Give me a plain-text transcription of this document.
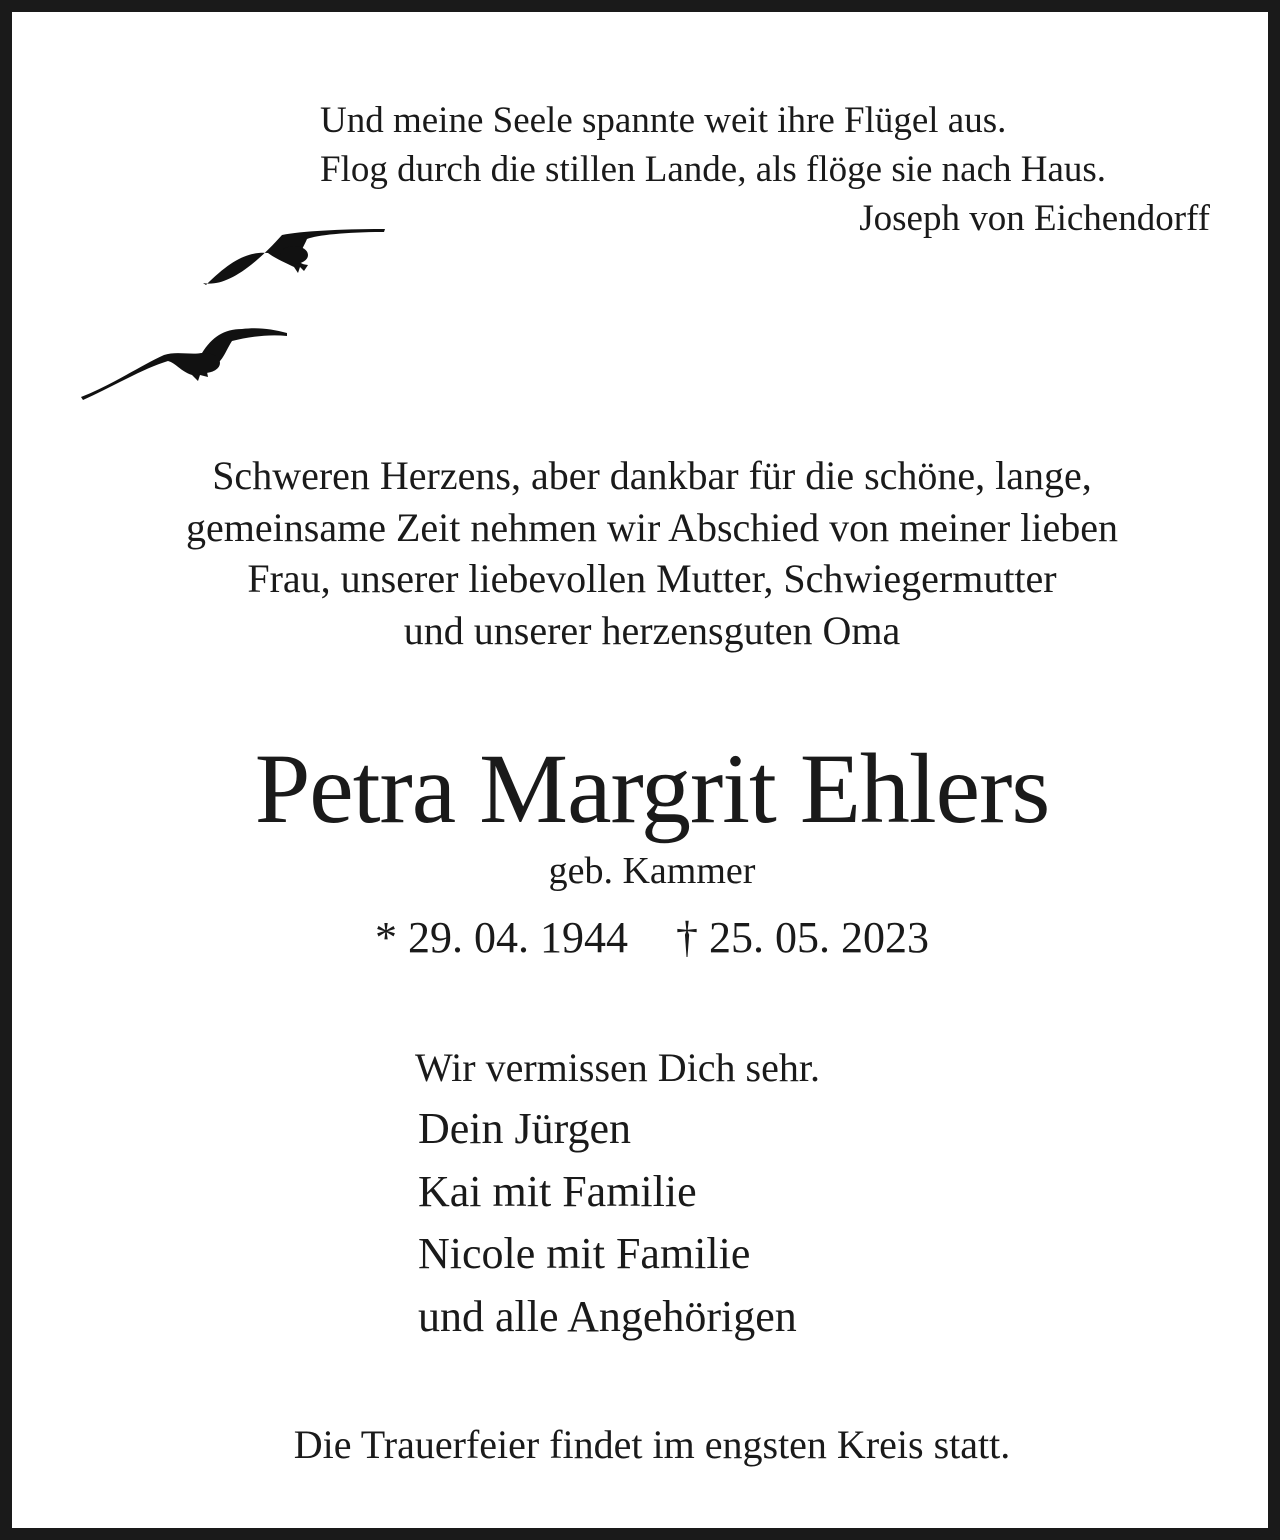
Und meine Seele spannte weit ihre Flügel aus.
Flog durch die stillen Lande, als flöge sie nach Haus.
Joseph von Eichendorff
Schweren Herzens, aber dankbar für die schöne, lange,
gemeinsame Zeit nehmen wir Abschied von meiner lieben
Frau, unserer liebevollen Mutter, Schwiegermutter
und unserer herzensguten Oma
Petra Margrit Ehlers
geb. Kammer
* 29. 04. 1944 † 25. 05. 2023
Wir vermissen Dich sehr.
Dein Jürgen
Kai mit Familie
Nicole mit Familie
und alle Angehörigen
Die Trauerfeier findet im engsten Kreis statt.
